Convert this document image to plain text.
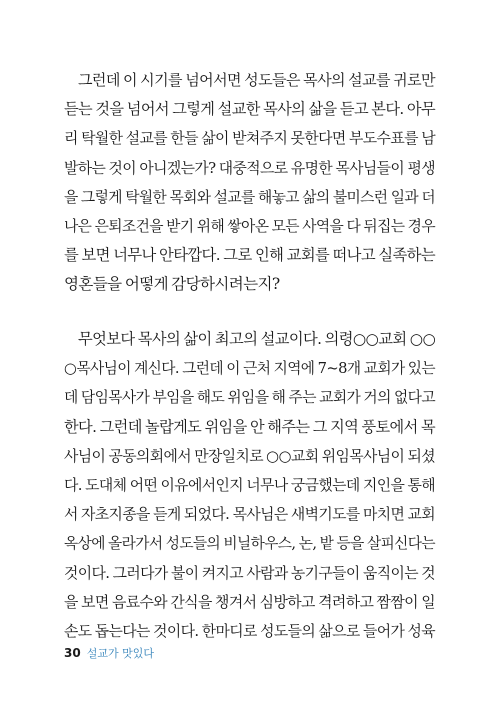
그런데 이 시기를 넘어서면 성도들은 목사의 설교를 귀로만
듣는 것을 넘어서 그렇게 설교한 목사의 삶을 듣고 본다. 아무
리 탁월한 설교를 한들 삶이 받쳐주지 못한다면 부도수표를 남
발하는 것이 아니겠는가? 대중적으로 유명한 목사님들이 평생
을 그렇게 탁월한 목회와 설교를 해놓고 삶의 불미스런 일과 더
나은 은퇴조건을 받기 위해 쌓아온 모든 사역을 다 뒤집는 경우
를 보면 너무나 안타깝다. 그로 인해 교회를 떠나고 실족하는
영혼들을 어떻게 감당하시려는지?
무엇보다 목사의 삶이 최고의 설교이다. 의령○○교회 ○○
○목사님이 계신다. 그런데 이 근처 지역에 7~8개 교회가 있는
데 담임목사가 부임을 해도 위임을 해 주는 교회가 거의 없다고
한다. 그런데 놀랍게도 위임을 안 해주는 그 지역 풍토에서 목
사님이 공동의회에서 만장일치로 ○○교회 위임목사님이 되셨
다. 도대체 어떤 이유에서인지 너무나 궁금했는데 지인을 통해
서 자초지종을 듣게 되었다. 목사님은 새벽기도를 마치면 교회
옥상에 올라가서 성도들의 비닐하우스, 논, 밭 등을 살피신다는
것이다. 그러다가 불이 켜지고 사람과 농기구들이 움직이는 것
을 보면 음료수와 간식을 챙겨서 심방하고 격려하고 짬짬이 일
손도 돕는다는 것이다. 한마디로 성도들의 삶으로 들어가 성육
30 설교가 맛있다
